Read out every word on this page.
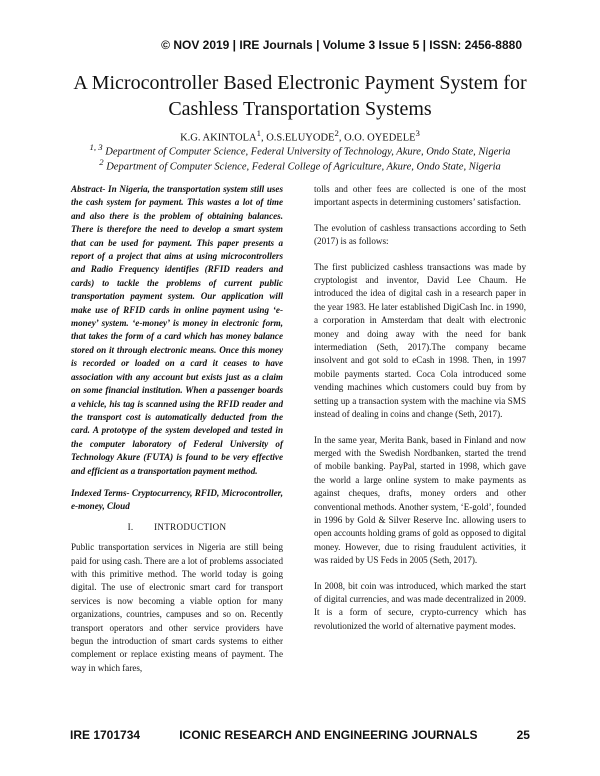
© NOV 2019 | IRE Journals | Volume 3 Issue 5 | ISSN: 2456-8880
A Microcontroller Based Electronic Payment System for
Cashless Transportation Systems
K.G. AKINTOLA$^1$, O.S.ELUYODE$^2$, O.O. OYEDELE$^3$
$^{1, 3}$ Department of Computer Science, Federal University of Technology, Akure, Ondo State, Nigeria
$^2$ Department of Computer Science, Federal College of Agriculture, Akure, Ondo State, Nigeria
Abstract- In Nigeria, the transportation system still uses the cash system for payment. This wastes a lot of time and also there is the problem of obtaining balances. There is therefore the need to develop a smart system that can be used for payment. This paper presents a report of a project that aims at using microcontrollers and Radio Frequency identifies (RFID readers and cards) to tackle the problems of current public transportation payment system. Our application will make use of RFID cards in online payment using ‘e-money’ system. ‘e-money’ is money in electronic form, that takes the form of a card which has money balance stored on it through electronic means. Once this money is recorded or loaded on a card it ceases to have association with any account but exists just as a claim on some financial institution. When a passenger boards a vehicle, his tag is scanned using the RFID reader and the transport cost is automatically deducted from the card. A prototype of the system developed and tested in the computer laboratory of Federal University of Technology Akure (FUTA) is found to be very effective and efficient as a transportation payment method.
Indexed Terms- Cryptocurrency, RFID, Microcontroller, e-money, Cloud
I. INTRODUCTION

Public transportation services in Nigeria are still being paid for using cash. There are a lot of problems associated with this primitive method. The world today is going digital. The use of electronic smart card for transport services is now becoming a viable option for many organizations, countries, campuses and so on. Recently transport operators and other service providers have begun the introduction of smart cards systems to either complement or replace existing means of payment. The way in which fares,

tolls and other fees are collected is one of the most important aspects in determining customers’ satisfaction.

The evolution of cashless transactions according to Seth (2017) is as follows:

The first publicized cashless transactions was made by cryptologist and inventor, David Lee Chaum. He introduced the idea of digital cash in a research paper in the year 1983. He later established DigiCash Inc. in 1990, a corporation in Amsterdam that dealt with electronic money and doing away with the need for bank intermediation (Seth, 2017).The company became insolvent and got sold to eCash in 1998. Then, in 1997 mobile payments started. Coca Cola introduced some vending machines which customers could buy from by setting up a transaction system with the machine via SMS instead of dealing in coins and change (Seth, 2017).

In the same year, Merita Bank, based in Finland and now merged with the Swedish Nordbanken, started the trend of mobile banking. PayPal, started in 1998, which gave the world a large online system to make payments as against cheques, drafts, money orders and other conventional methods. Another system, ‘E-gold’, founded in 1996 by Gold & Silver Reserve Inc. allowing users to open accounts holding grams of gold as opposed to digital money. However, due to rising fraudulent activities, it was raided by US Feds in 2005 (Seth, 2017).

In 2008, bit coin was introduced, which marked the start of digital currencies, and was made decentralized in 2009. It is a form of secure, crypto-currency which has revolutionized the world of alternative payment modes.

IRE 1701734	ICONIC RESEARCH AND ENGINEERING JOURNALS	25
